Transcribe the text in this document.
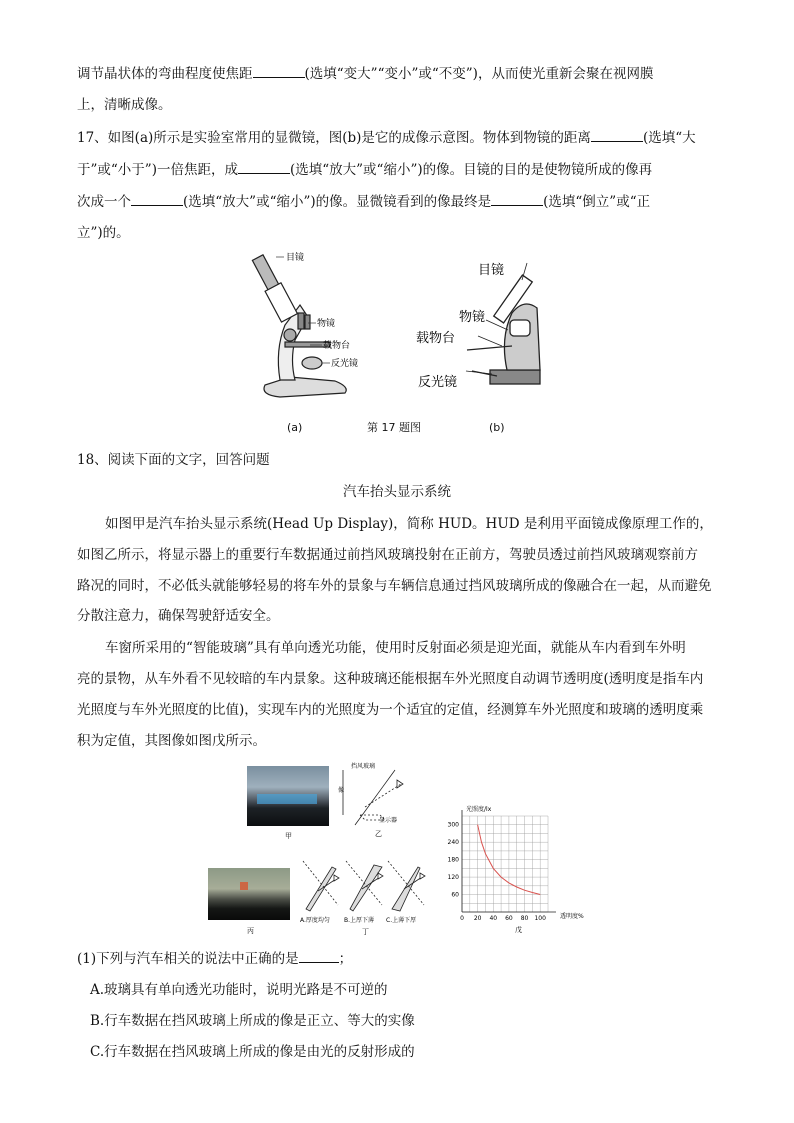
调节晶状体的弯曲程度使焦距	(选填“变大”“变小”或“不变”)，从而使光重新会聚在视网膜
上，清晰成像。
17、如图(a)所示是实验室常用的显微镜，图(b)是它的成像示意图。物体到物镜的距离	(选填“大
于”或“小于”)一倍焦距，成	(选填“放大”或“缩小”)的像。目镜的目的是使物镜所成的像再
次成一个	(选填“放大”或“缩小”)的像。显微镜看到的像最终是	(选填“倒立”或“正
立”)的。
目镜
物镜
载物台
反光镜
目镜
物镜
载物台
反光镜
(a)	第 17 题图	(b)
18、阅读下面的文字，回答问题
汽车抬头显示系统
如图甲是汽车抬头显示系统(Head Up Display)，简称 HUD。HUD 是利用平面镜成像原理工作的，
如图乙所示，将显示器上的重要行车数据通过前挡风玻璃投射在正前方，驾驶员透过前挡风玻璃观察前方
路况的同时，不必低头就能够轻易的将车外的景象与车辆信息通过挡风玻璃所成的像融合在一起，从而避免
分散注意力，确保驾驶舒适安全。
车窗所采用的“智能玻璃”具有单向透光功能，使用时反射面必须是迎光面，就能从车内看到车外明
亮的景物，从车外看不见较暗的车内景象。这种玻璃还能根据车外光照度自动调节透明度(透明度是指车内
光照度与车外光照度的比值)，实现车内的光照度为一个适宜的定值，经测算车外光照度和玻璃的透明度乘
积为定值，其图像如图戊所示。
甲
挡风玻璃
像
显示器
乙
丙
A.厚度均匀 B.上厚下薄 C.上薄下厚
丁
0 20 40 60 80 100
60
120
180
240
300
光照度/lx
透明度%
戊
(1)下列与汽车相关的说法中正确的是	；
A.玻璃具有单向透光功能时，说明光路是不可逆的
B.行车数据在挡风玻璃上所成的像是正立、等大的实像
C.行车数据在挡风玻璃上所成的像是由光的反射形成的
